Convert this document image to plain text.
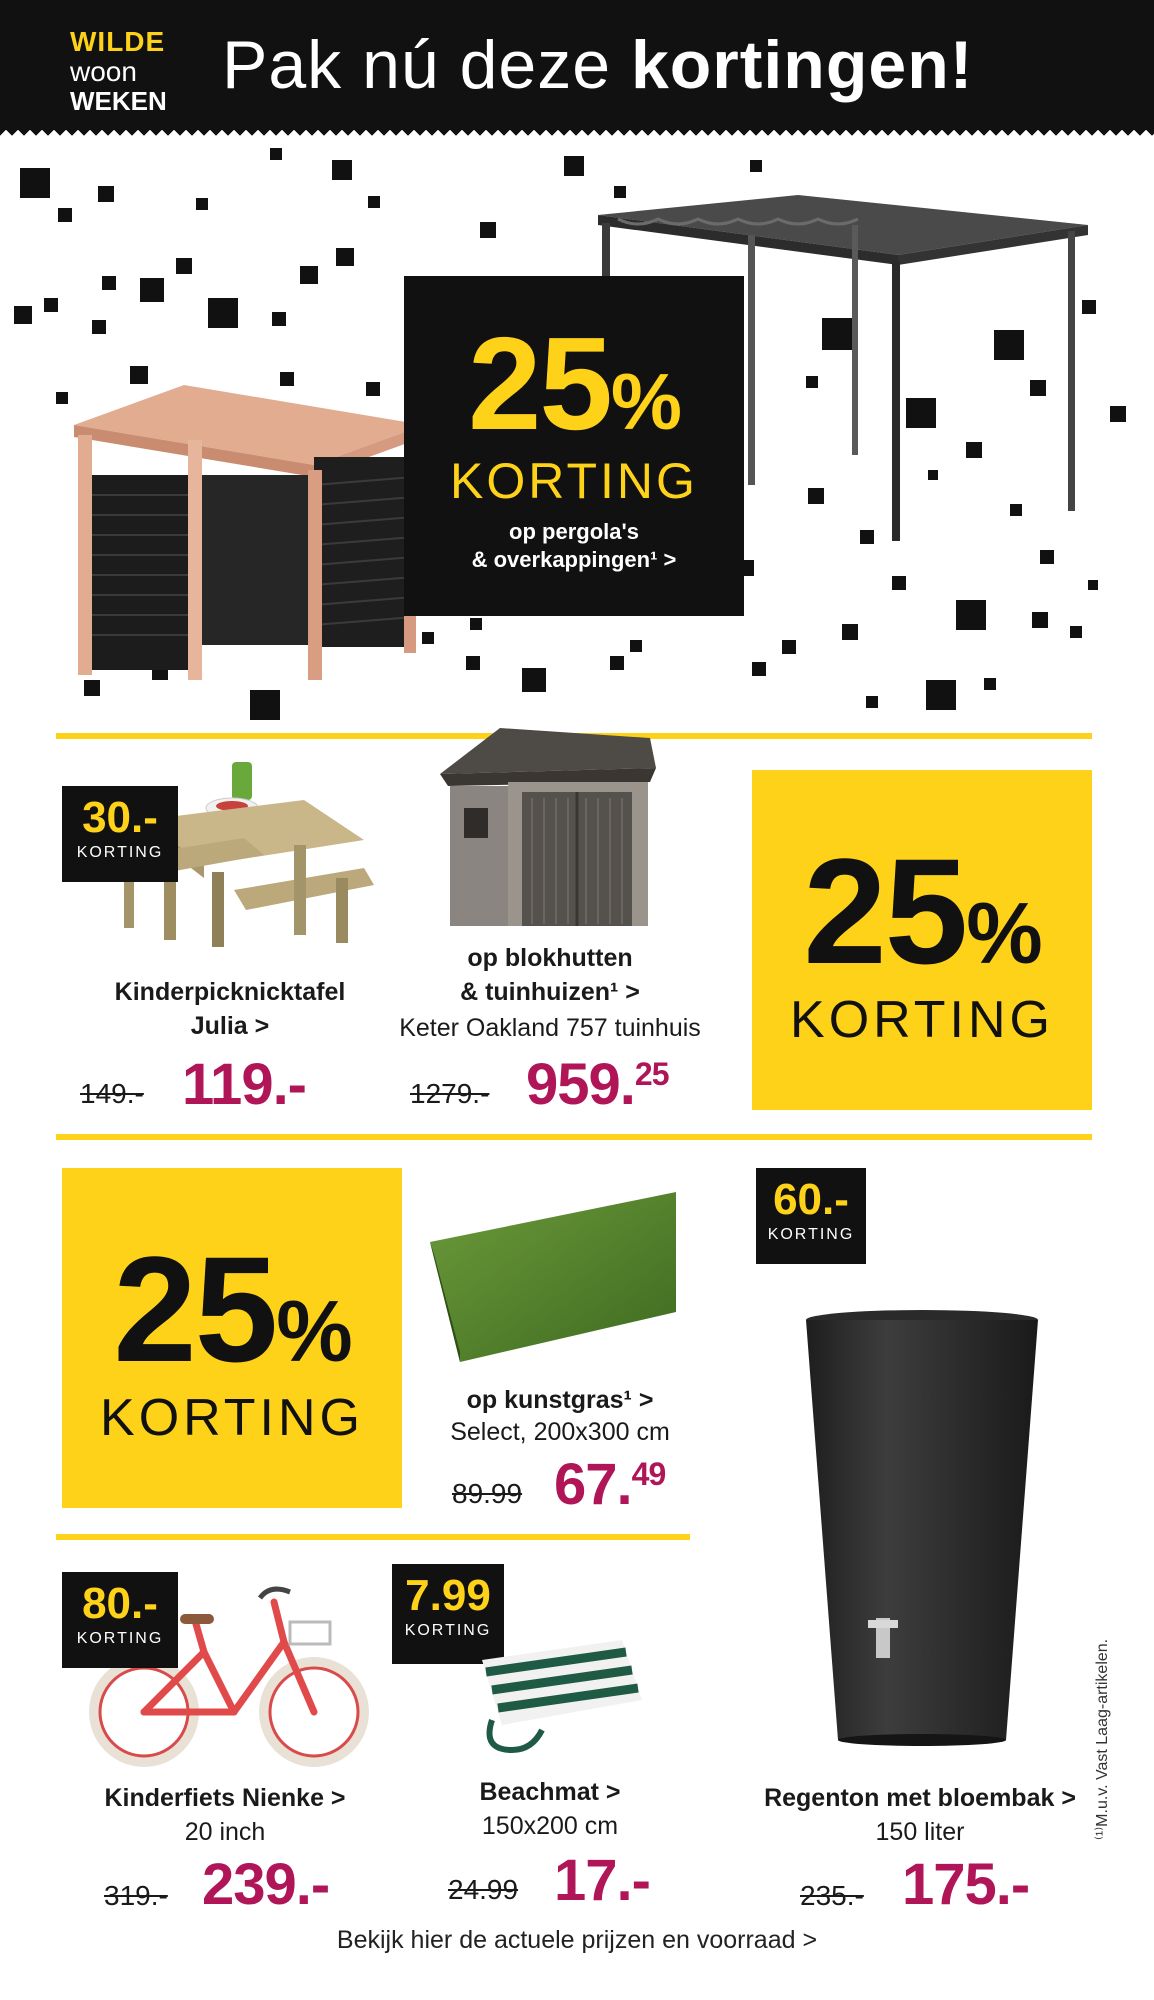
WILDE
woon
WEKEN Pak nú deze kortingen!
25%
KORTING
op pergola's
& overkappingen¹ >
30.-
KORTING
Kinderpicknicktafel
Julia >
149.- 119.-
op blokhutten
& tuinhuizen¹ >
Keter Oakland 757 tuinhuis
1279.- 959.25
25%
KORTING
25%
KORTING	op kunstgras¹ >
Select, 200x300 cm
89.99 67.49
60.-
KORTING
Regenton met bloembak >
150 liter
235.- 175.-
80.-
KORTING
Kinderfiets Nienke >
20 inch
319.- 239.-
7.99
KORTING
Beachmat >
150x200 cm
24.99 17.-
⁽¹⁾M.u.v. Vast Laag-artikelen.
Bekijk hier de actuele prijzen en voorraad >
